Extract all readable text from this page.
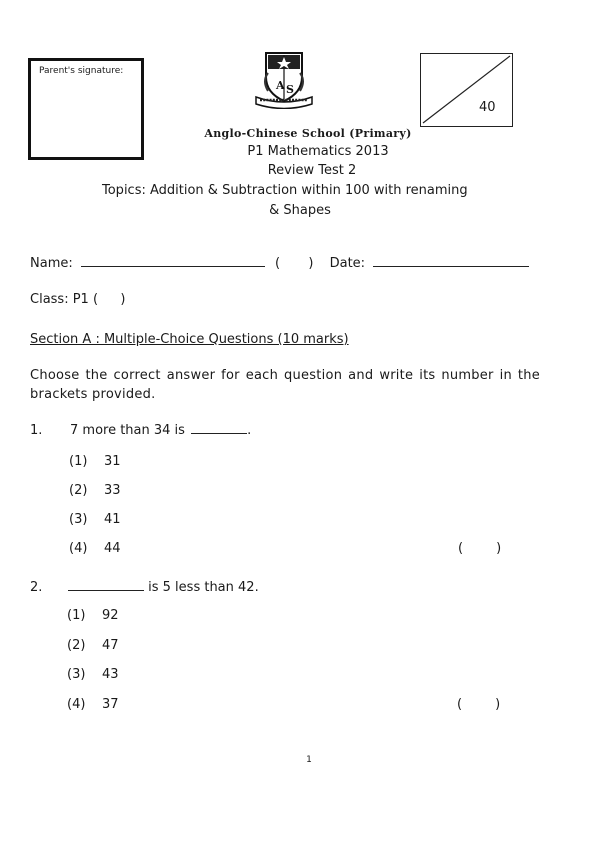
Parent's signature:
A S
40
Anglo-Chinese School (Primary)
P1 Mathematics 2013
Review Test 2
Topics: Addition & Subtraction within 100 with renaming
& Shapes
Name:	( ) Date:
Class: P1 ( )
Section A : Multiple-Choice Questions (10 marks)
Choose the correct answer for each question and write its number in the brackets provided.
1. 7 more than 34 is	.
(1) 31
(2) 33
(3) 41
(4) 44	(        )
2.	is 5 less than 42.
(1) 92
(2) 47
(3) 43
(4) 37	(        )
1
